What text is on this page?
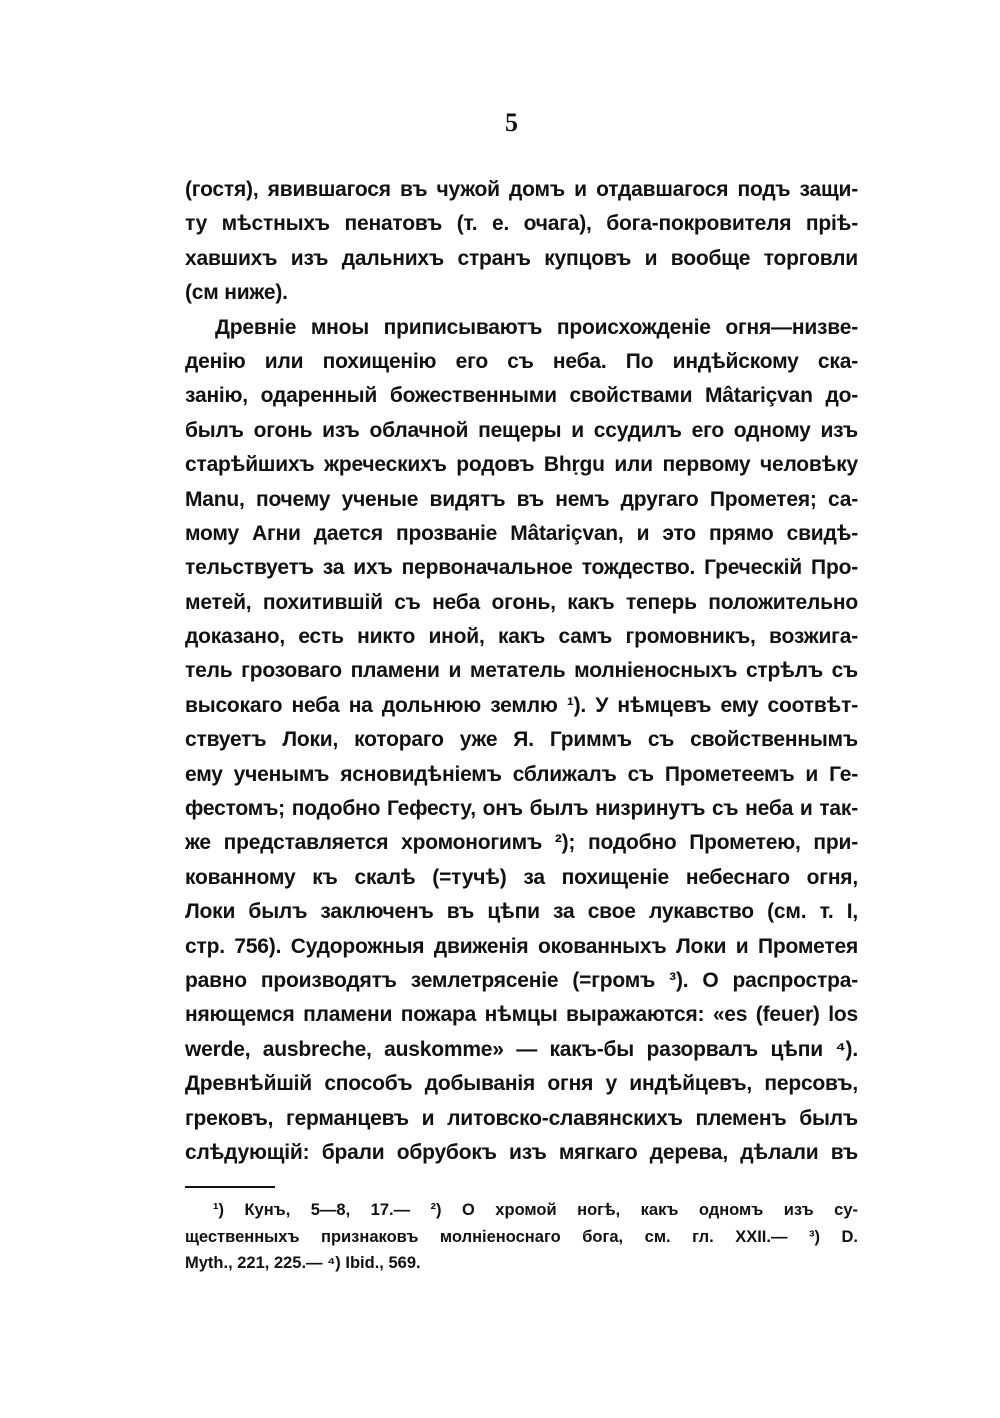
5
(гостя), явившагося въ чужой домъ и отдавшагося подъ защи-
ту мѣстныхъ пенатовъ (т. е. очага), бога-покровителя пріѣ-
хавшихъ изъ дальнихъ странъ купцовъ и вообще торговли
(см ниже).
Древніе мноы приписываютъ происхожденіе огня—низве-
денію или похищенію его съ неба. По индѣйскому ска-
занію, одаренный божественными свойствами Mâtariçvan до-
былъ огонь изъ облачной пещеры и ссудилъ его одному изъ
старѣйшихъ жреческихъ родовъ Bhṛgu или первому человѣку
Manu, почему ученые видятъ въ немъ другаго Прометея; са-
мому Агни дается прозваніе Mâtariçvan, и это прямо свидѣ-
тельствуетъ за ихъ первоначальное тождество. Греческій Про-
метей, похитившій съ неба огонь, какъ теперь положительно
доказано, есть никто иной, какъ самъ громовникъ, возжига-
тель грозоваго пламени и метатель молніеносныхъ стрѣлъ съ
высокаго неба на дольнюю землю ¹). У нѣмцевъ ему соотвѣт-
ствуетъ Локи, котораго уже Я. Гриммъ съ свойственнымъ
ему ученымъ ясновидѣніемъ сближалъ съ Прометеемъ и Ге-
фестомъ; подобно Гефесту, онъ былъ низринутъ съ неба и так-
же представляется хромоногимъ ²); подобно Прометею, при-
кованному къ скалѣ (=тучѣ) за похищеніе небеснаго огня,
Локи былъ заключенъ въ цѣпи за свое лукавство (см. т. I,
стр. 756). Судорожныя движенія окованныхъ Локи и Прометея
равно производятъ землетрясеніе (=громъ ³). О распростра-
няющемся пламени пожара нѣмцы выражаются: «es (feuer) los
werde, ausbreche, auskomme» — какъ-бы разорвалъ цѣпи ⁴).
Древнѣйшій способъ добыванія огня у индѣйцевъ, персовъ,
грековъ, германцевъ и литовско-славянскихъ племенъ былъ
слѣдующій: брали обрубокъ изъ мягкаго дерева, дѣлали въ
¹) Кунъ, 5—8, 17.— ²) О хромой ногѣ, какъ одномъ изъ су-
щественныхъ признаковъ молніеноснаго бога, см. гл. XXII.— ³) D.
Myth., 221, 225.— ⁴) Ibid., 569.
